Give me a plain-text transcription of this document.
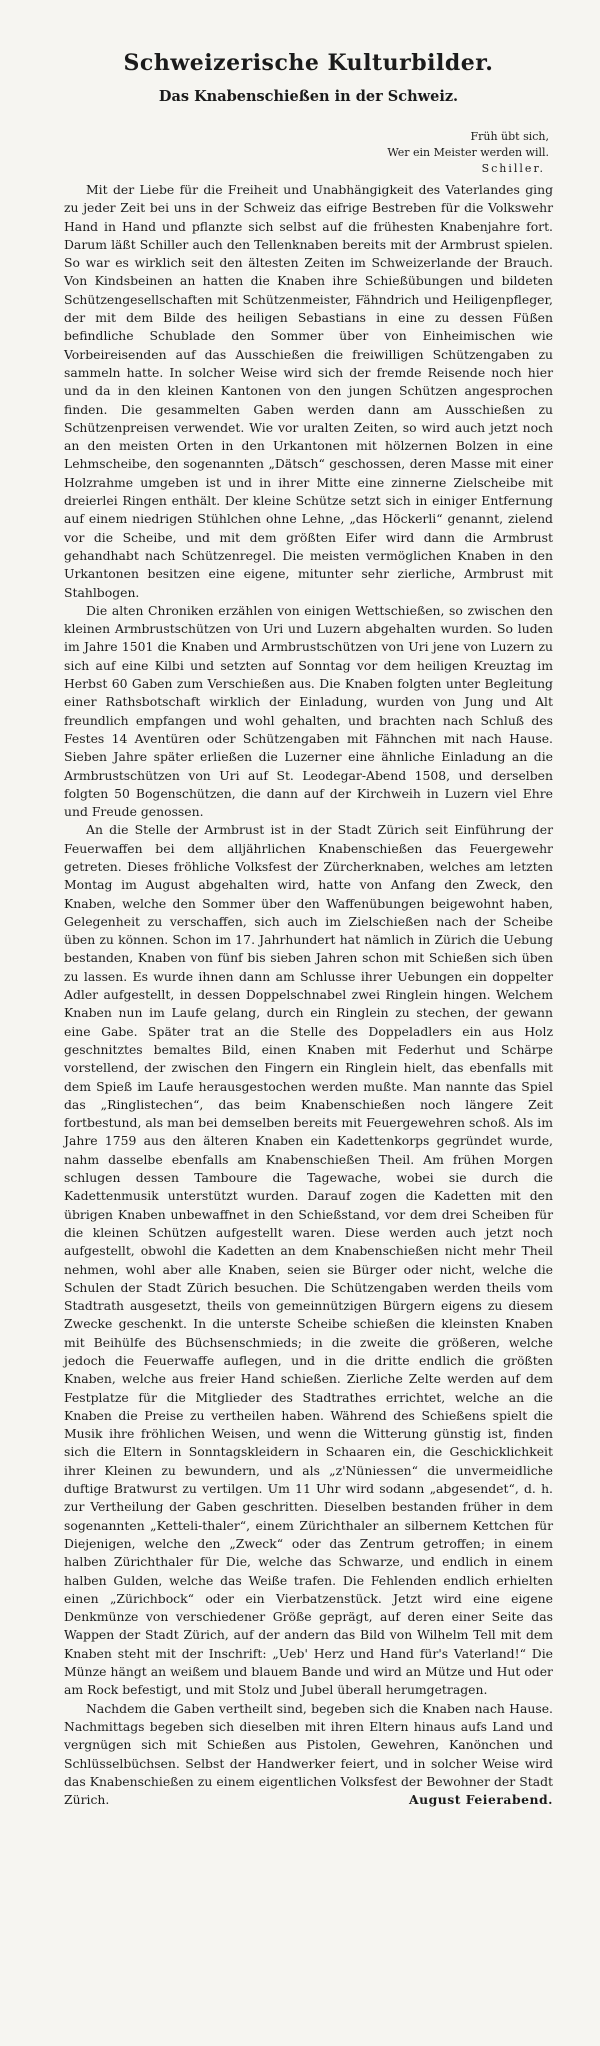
Schweizerische Kulturbilder.
Das Knabenschießen in der Schweiz.
Früh übt sich,
Wer ein Meister werden will.
Schiller.

Mit der Liebe für die Freiheit und Unabhängigkeit des Vaterlandes ging zu jeder Zeit bei uns in der Schweiz das eifrige Bestreben für die Volkswehr Hand in Hand und pflanzte sich selbst auf die frühesten Knabenjahre fort. Darum läßt Schiller auch den Tellenknaben bereits mit der Armbrust spielen. So war es wirklich seit den ältesten Zeiten im Schweizerlande der Brauch. Von Kindsbeinen an hatten die Knaben ihre Schießübungen und bildeten Schützengesellschaften mit Schützenmeister, Fähndrich und Heiligenpfleger, der mit dem Bilde des heiligen Sebastians in eine zu dessen Füßen befindliche Schublade den Sommer über von Einheimischen wie Vorbeireisenden auf das Ausschießen die freiwilligen Schützengaben zu sammeln hatte. In solcher Weise wird sich der fremde Reisende noch hier und da in den kleinen Kantonen von den jungen Schützen angesprochen finden. Die gesammelten Gaben werden dann am Ausschießen zu Schützenpreisen verwendet. Wie vor uralten Zeiten, so wird auch jetzt noch an den meisten Orten in den Urkantonen mit hölzernen Bolzen in eine Lehmscheibe, den sogenannten „Dätsch“ geschossen, deren Masse mit einer Holzrahme umgeben ist und in ihrer Mitte eine zinnerne Zielscheibe mit dreierlei Ringen enthält. Der kleine Schütze setzt sich in einiger Entfernung auf einem niedrigen Stühlchen ohne Lehne, „das Höckerli“ genannt, zielend vor die Scheibe, und mit dem größten Eifer wird dann die Armbrust gehandhabt nach Schützenregel. Die meisten vermöglichen Knaben in den Urkantonen besitzen eine eigene, mitunter sehr zierliche, Armbrust mit Stahlbogen.

Die alten Chroniken erzählen von einigen Wettschießen, so zwischen den kleinen Armbrustschützen von Uri und Luzern abgehalten wurden. So luden im Jahre 1501 die Knaben und Armbrustschützen von Uri jene von Luzern zu sich auf eine Kilbi und setzten auf Sonntag vor dem heiligen Kreuztag im Herbst 60 Gaben zum Verschießen aus. Die Knaben folgten unter Begleitung einer Rathsbotschaft wirklich der Einladung, wurden von Jung und Alt freundlich empfangen und wohl gehalten, und brachten nach Schluß des Festes 14 Aventüren oder Schützengaben mit Fähnchen mit nach Hause. Sieben Jahre später erließen die Luzerner eine ähnliche Einladung an die Armbrustschützen von Uri auf St. Leodegar-Abend 1508, und derselben folgten 50 Bogenschützen, die dann auf der Kirchweih in Luzern viel Ehre und Freude genossen.

An die Stelle der Armbrust ist in der Stadt Zürich seit Einführung der Feuerwaffen bei dem alljährlichen Knabenschießen das Feuergewehr getreten. Dieses fröhliche Volksfest der Zürcherknaben, welches am letzten Montag im August abgehalten wird, hatte von Anfang den Zweck, den Knaben, welche den Sommer über den Waffenübungen beigewohnt haben, Gelegenheit zu verschaffen, sich auch im Zielschießen nach der Scheibe üben zu können. Schon im 17. Jahrhundert hat nämlich in Zürich die Uebung bestanden, Knaben von fünf bis sieben Jahren schon mit Schießen sich üben zu lassen. Es wurde ihnen dann am Schlusse ihrer Uebungen ein doppelter Adler aufgestellt, in dessen Doppelschnabel zwei Ringlein hingen. Welchem Knaben nun im Laufe gelang, durch ein Ringlein zu stechen, der gewann eine Gabe. Später trat an die Stelle des Doppeladlers ein aus Holz geschnitztes bemaltes Bild, einen Knaben mit Federhut und Schärpe vorstellend, der zwischen den Fingern ein Ringlein hielt, das ebenfalls mit dem Spieß im Laufe herausgestochen werden mußte. Man nannte das Spiel das „Ringlistechen“, das beim Knabenschießen noch längere Zeit fortbestund, als man bei demselben bereits mit Feuergewehren schoß. Als im Jahre 1759 aus den älteren Knaben ein Kadettenkorps gegründet wurde, nahm dasselbe ebenfalls am Knabenschießen Theil. Am frühen Morgen schlugen dessen Tamboure die Tagewache, wobei sie durch die Kadettenmusik unterstützt wurden. Darauf zogen die Kadetten mit den übrigen Knaben unbewaffnet in den Schießstand, vor dem drei Scheiben für die kleinen Schützen aufgestellt waren. Diese werden auch jetzt noch aufgestellt, obwohl die Kadetten an dem Knabenschießen nicht mehr Theil nehmen, wohl aber alle Knaben, seien sie Bürger oder nicht, welche die Schulen der Stadt Zürich besuchen. Die Schützengaben werden theils vom Stadtrath ausgesetzt, theils von gemeinnützigen Bürgern eigens zu diesem Zwecke geschenkt. In die unterste Scheibe schießen die kleinsten Knaben mit Beihülfe des Büchsenschmieds; in die zweite die größeren, welche jedoch die Feuerwaffe auflegen, und in die dritte endlich die größten Knaben, welche aus freier Hand schießen. Zierliche Zelte werden auf dem Festplatze für die Mitglieder des Stadtrathes errichtet, welche an die Knaben die Preise zu vertheilen haben. Während des Schießens spielt die Musik ihre fröhlichen Weisen, und wenn die Witterung günstig ist, finden sich die Eltern in Sonntagskleidern in Schaaren ein, die Geschicklichkeit ihrer Kleinen zu bewundern, und als „z'Nüniessen“ die unvermeidliche duftige Bratwurst zu vertilgen. Um 11 Uhr wird sodann „abgesendet“, d. h. zur Vertheilung der Gaben geschritten. Dieselben bestanden früher in dem sogenannten „Ketteli-thaler“, einem Zürichthaler an silbernem Kettchen für Diejenigen, welche den „Zweck“ oder das Zentrum getroffen; in einem halben Zürichthaler für Die, welche das Schwarze, und endlich in einem halben Gulden, welche das Weiße trafen. Die Fehlenden endlich erhielten einen „Zürichbock“ oder ein Vierbatzenstück. Jetzt wird eine eigene Denkmünze von verschiedener Größe geprägt, auf deren einer Seite das Wappen der Stadt Zürich, auf der andern das Bild von Wilhelm Tell mit dem Knaben steht mit der Inschrift: „Ueb' Herz und Hand für's Vaterland!“ Die Münze hängt an weißem und blauem Bande und wird an Mütze und Hut oder am Rock befestigt, und mit Stolz und Jubel überall herumgetragen.

Nachdem die Gaben vertheilt sind, begeben sich die Knaben nach Hause. Nachmittags begeben sich dieselben mit ihren Eltern hinaus aufs Land und vergnügen sich mit Schießen aus Pistolen, Gewehren, Kanönchen und Schlüsselbüchsen. Selbst der Handwerker feiert, und in solcher Weise wird das Knabenschießen zu einem eigentlichen Volksfest der Bewohner der Stadt Zürich.	August Feierabend.
